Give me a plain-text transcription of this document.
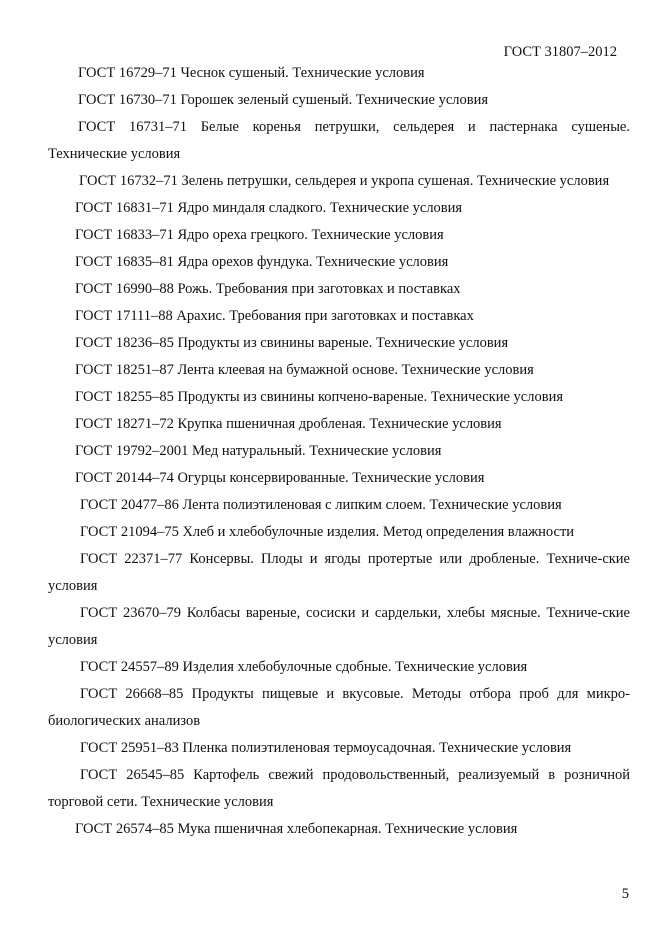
ГОСТ 31807–2012

ГОСТ 16729–71 Чеснок сушеный. Технические условия

ГОСТ 16730–71 Горошек зеленый сушеный. Технические условия

ГОСТ 16731–71 Белые коренья петрушки, сельдерея и пастернака сушеные. Технические условия

ГОСТ 16732–71 Зелень петрушки, сельдерея и укропа сушеная. Технические условия

ГОСТ 16831–71 Ядро миндаля сладкого. Технические условия

ГОСТ 16833–71 Ядро ореха грецкого. Технические условия

ГОСТ 16835–81 Ядра орехов фундука. Технические условия

ГОСТ 16990–88 Рожь. Требования при заготовках и поставках

ГОСТ 17111–88 Арахис. Требования при заготовках и поставках

ГОСТ 18236–85 Продукты из свинины вареные. Технические условия

ГОСТ 18251–87 Лента клеевая на бумажной основе. Технические условия

ГОСТ 18255–85 Продукты из свинины копчено-вареные. Технические условия

ГОСТ 18271–72 Крупка пшеничная дробленая. Технические условия

ГОСТ 19792–2001 Мед натуральный. Технические условия

ГОСТ 20144–74 Огурцы консервированные. Технические условия

ГОСТ 20477–86 Лента полиэтиленовая с липким слоем. Технические условия

ГОСТ 21094–75 Хлеб и хлебобулочные изделия. Метод определения влажности

ГОСТ 22371–77 Консервы. Плоды и ягоды протертые или дробленые. Техниче-ские условия

ГОСТ 23670–79 Колбасы вареные, сосиски и сардельки, хлебы мясные. Техниче-ские условия

ГОСТ 24557–89 Изделия хлебобулочные сдобные. Технические условия

ГОСТ 26668–85 Продукты пищевые и вкусовые. Методы отбора проб для микро-биологических анализов

ГОСТ 25951–83 Пленка полиэтиленовая термоусадочная. Технические условия

ГОСТ 26545–85 Картофель свежий продовольственный, реализуемый в розничной торговой сети. Технические условия

ГОСТ 26574–85 Мука пшеничная хлебопекарная. Технические условия

5
